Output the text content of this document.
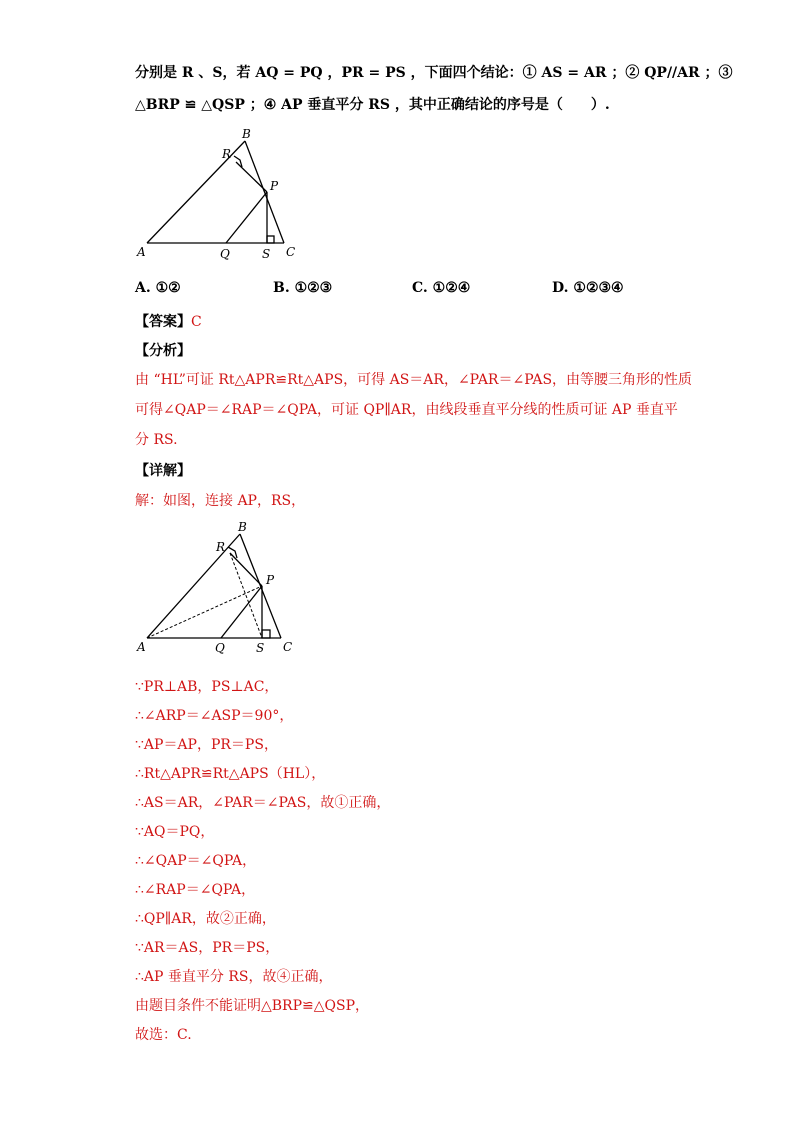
分别是 R 、S，若 AQ = PQ ，PR = PS ，下面四个结论：① AS = AR ；② QP//AR ；③
△BRP ≌ △QSP ；④ AP 垂直平分 RS ，其中正确结论的序号是（　　）.
A
B
C
P
Q
R
S
A. ①②	B. ①②③	C. ①②④	D. ①②③④
【答案】C
【分析】
由 “HL”可证 Rt△APR≌Rt△APS，可得 AS＝AR，∠PAR＝∠PAS，由等腰三角形的性质
可得∠QAP＝∠RAP＝∠QPA，可证 QP∥AR，由线段垂直平分线的性质可证 AP 垂直平
分 RS.
【详解】
解：如图，连接 AP，RS，
A
B
C
P
Q
R
S
∵PR⊥AB，PS⊥AC，
∴∠ARP＝∠ASP＝90°，
∵AP＝AP，PR＝PS，
∴Rt△APR≌Rt△APS（HL），
∴AS＝AR，∠PAR＝∠PAS，故①正确，
∵AQ＝PQ，
∴∠QAP＝∠QPA，
∴∠RAP＝∠QPA，
∴QP∥AR，故②正确，
∵AR＝AS，PR＝PS，
∴AP 垂直平分 RS，故④正确，
由题目条件不能证明△BRP≌△QSP，
故选：C.
